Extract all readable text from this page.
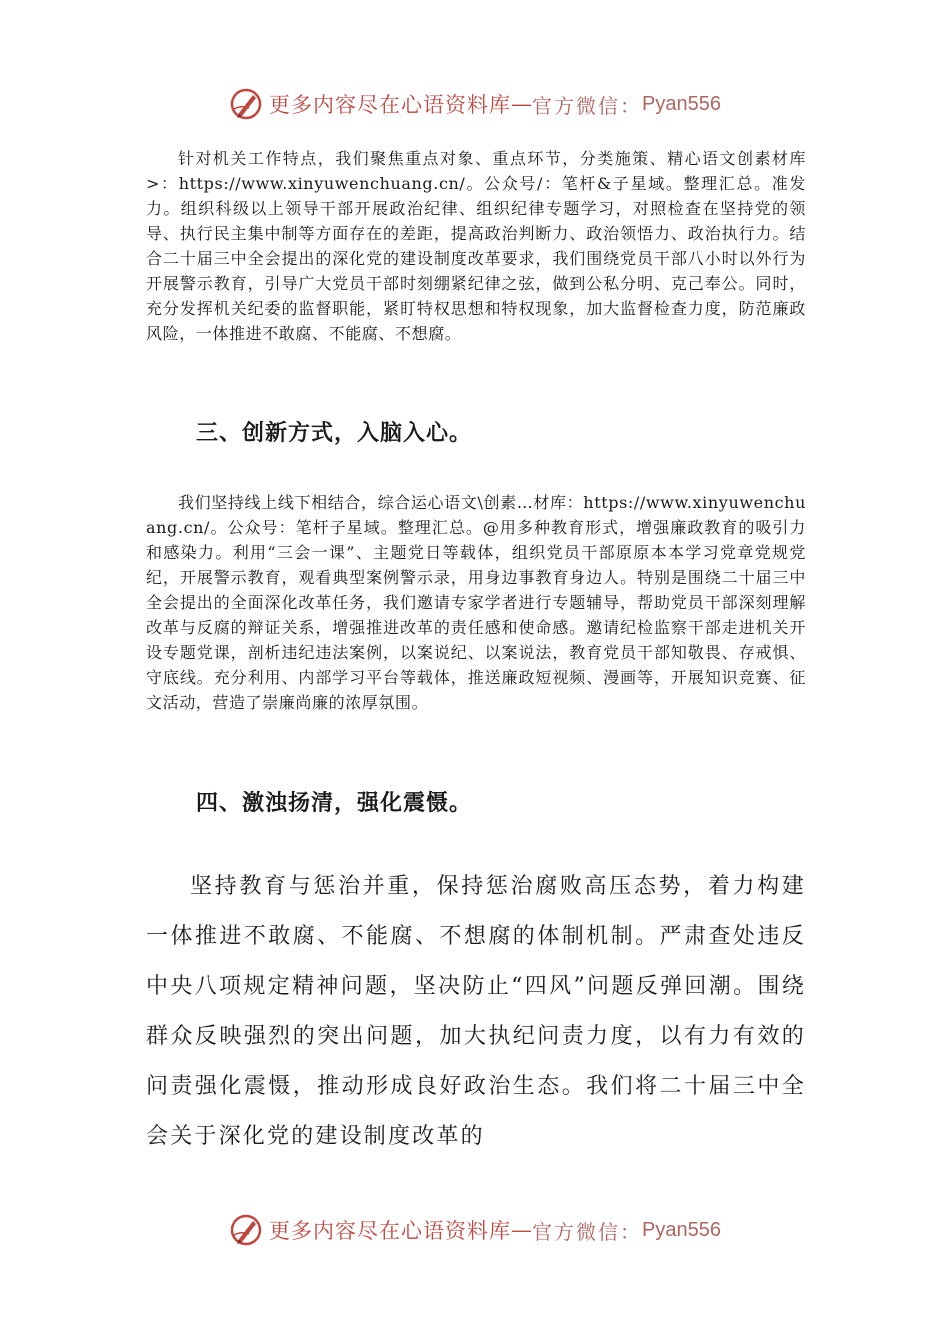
更多内容尽在心语资料库 — 官方微信： Pyan556

针对机关工作特点，我们聚焦重点对象、重点环节，分类施策、精心语文创素材库>：https://www.xinyuwenchuang.cn/。公众号/：笔杆&子星域。整理汇总。准发力。组织科级以上领导干部开展政治纪律、组织纪律专题学习，对照检查在坚持党的领导、执行民主集中制等方面存在的差距，提高政治判断力、政治领悟力、政治执行力。结合二十届三中全会提出的深化党的建设制度改革要求，我们围绕党员干部八小时以外行为开展警示教育，引导广大党员干部时刻绷紧纪律之弦，做到公私分明、克己奉公。同时，充分发挥机关纪委的监督职能，紧盯特权思想和特权现象，加大监督检查力度，防范廉政风险，一体推进不敢腐、不能腐、不想腐。

三、创新方式，入脑入心。

我们坚持线上线下相结合，综合运心语文\创素…材库：https://www.xinyuwenchuang.cn/。公众号：笔杆子星域。整理汇总。@用多种教育形式，增强廉政教育的吸引力和感染力。利用“三会一课”、主题党日等载体，组织党员干部原原本本学习党章党规党纪，开展警示教育，观看典型案例警示录，用身边事教育身边人。特别是围绕二十届三中全会提出的全面深化改革任务，我们邀请专家学者进行专题辅导，帮助党员干部深刻理解改革与反腐的辩证关系，增强推进改革的责任感和使命感。邀请纪检监察干部走进机关开设专题党课，剖析违纪违法案例，以案说纪、以案说法，教育党员干部知敬畏、存戒惧、守底线。充分利用、内部学习平台等载体，推送廉政短视频、漫画等，开展知识竞赛、征文活动，营造了崇廉尚廉的浓厚氛围。

四、激浊扬清，强化震慑。

坚持教育与惩治并重，保持惩治腐败高压态势，着力构建一体推进不敢腐、不能腐、不想腐的体制机制。严肃查处违反中央八项规定精神问题，坚决防止“四风”问题反弹回潮。围绕群众反映强烈的突出问题，加大执纪问责力度，以有力有效的问责强化震慑，推动形成良好政治生态。我们将二十届三中全会关于深化党的建设制度改革的

更多内容尽在心语资料库 — 官方微信： Pyan556
